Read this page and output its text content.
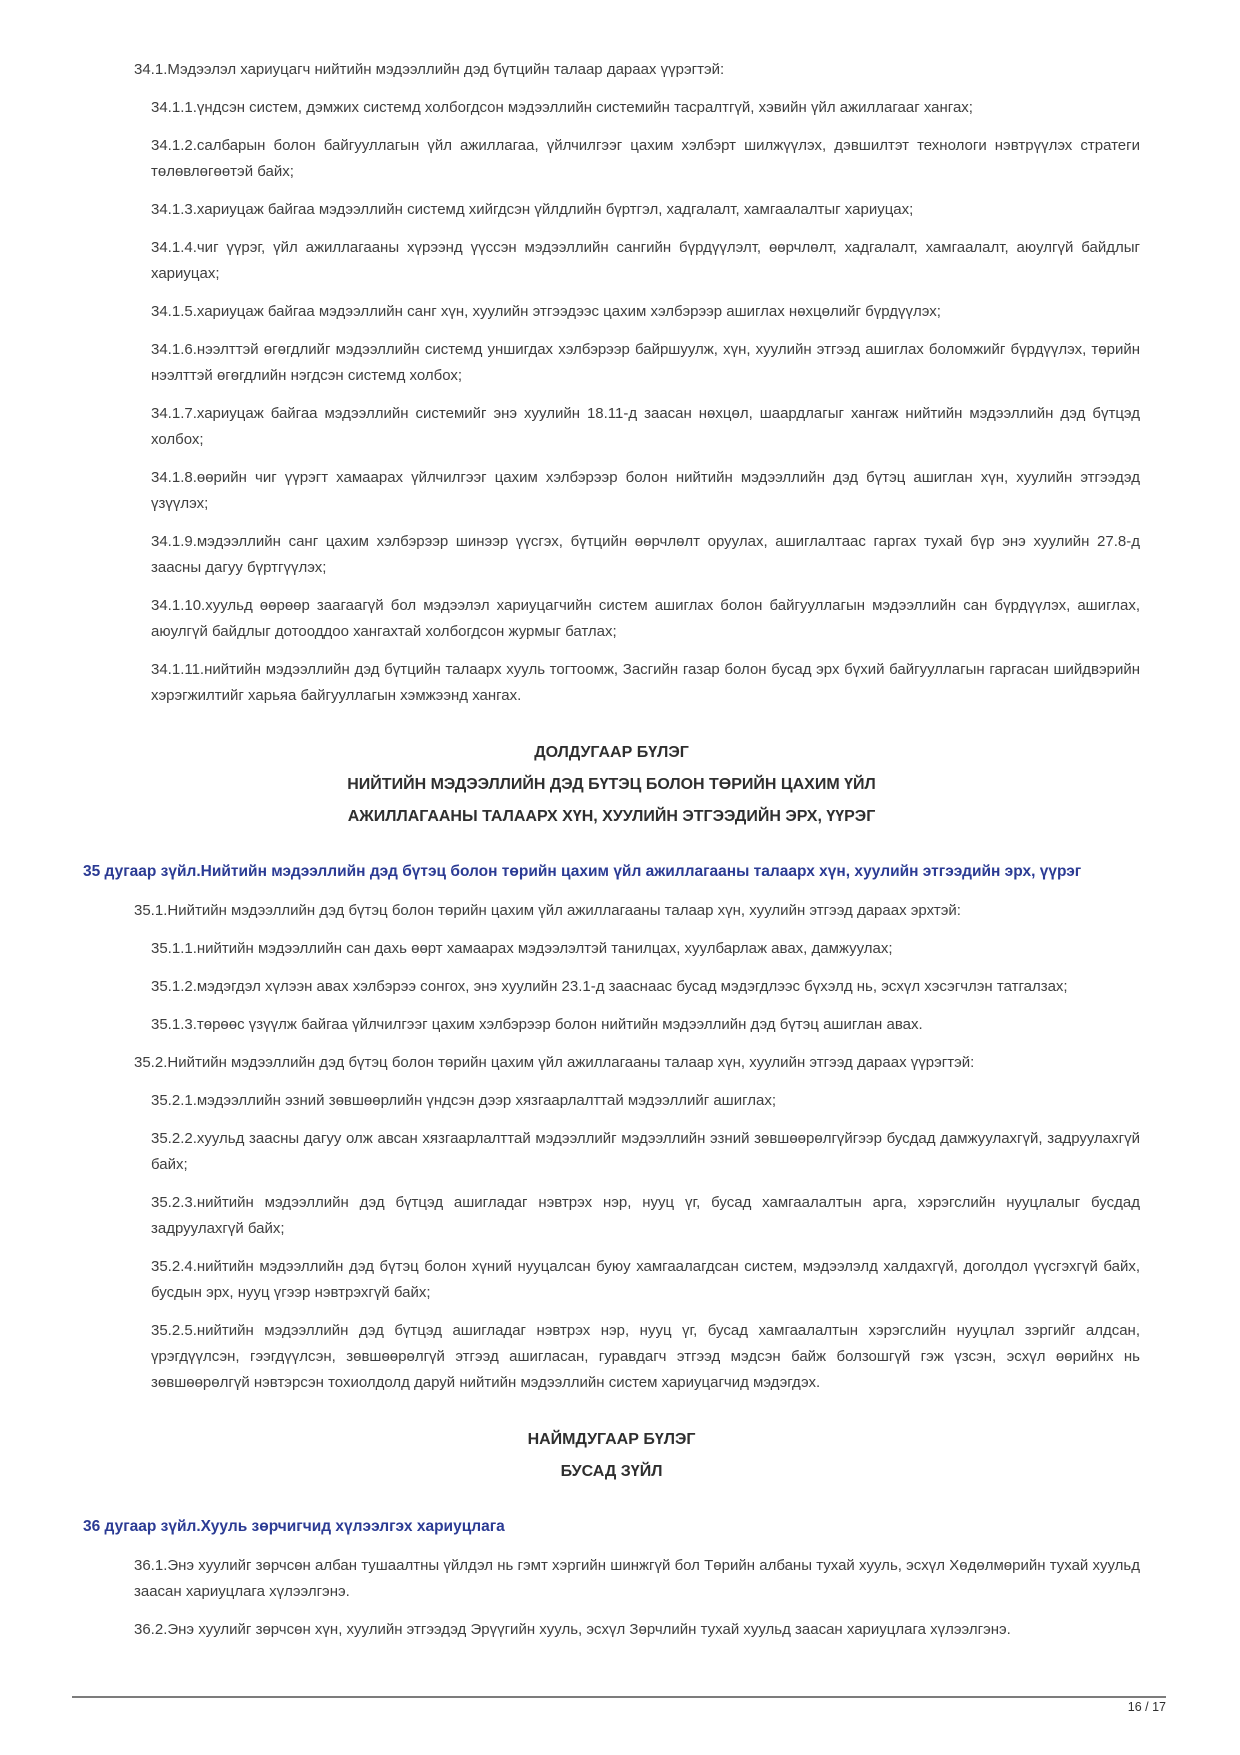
34.1.Мэдээлэл хариуцагч нийтийн мэдээллийн дэд бүтцийн талаар дараах үүрэгтэй:

34.1.1.үндсэн систем, дэмжих системд холбогдсон мэдээллийн системийн тасралтгүй, хэвийн үйл ажиллагааг хангах;

34.1.2.салбарын болон байгууллагын үйл ажиллагаа, үйлчилгээг цахим хэлбэрт шилжүүлэх, дэвшилтэт технологи нэвтрүүлэх стратеги төлөвлөгөөтэй байх;

34.1.3.хариуцаж байгаа мэдээллийн системд хийгдсэн үйлдлийн бүртгэл, хадгалалт, хамгаалалтыг хариуцах;

34.1.4.чиг үүрэг, үйл ажиллагааны хүрээнд үүссэн мэдээллийн сангийн бүрдүүлэлт, өөрчлөлт, хадгалалт, хамгаалалт, аюулгүй байдлыг хариуцах;

34.1.5.хариуцаж байгаа мэдээллийн санг хүн, хуулийн этгээдээс цахим хэлбэрээр ашиглах нөхцөлийг бүрдүүлэх;

34.1.6.нээлттэй өгөгдлийг мэдээллийн системд уншигдах хэлбэрээр байршуулж, хүн, хуулийн этгээд ашиглах боломжийг бүрдүүлэх, төрийн нээлттэй өгөгдлийн нэгдсэн системд холбох;

34.1.7.хариуцаж байгаа мэдээллийн системийг энэ хуулийн 18.11-д заасан нөхцөл, шаардлагыг хангаж нийтийн мэдээллийн дэд бүтцэд холбох;

34.1.8.өөрийн чиг үүрэгт хамаарах үйлчилгээг цахим хэлбэрээр болон нийтийн мэдээллийн дэд бүтэц ашиглан хүн, хуулийн этгээдэд үзүүлэх;

34.1.9.мэдээллийн санг цахим хэлбэрээр шинээр үүсгэх, бүтцийн өөрчлөлт оруулах, ашиглалтаас гаргах тухай бүр энэ хуулийн 27.8-д заасны дагуу бүртгүүлэх;

34.1.10.хуульд өөрөөр заагаагүй бол мэдээлэл хариуцагчийн систем ашиглах болон байгууллагын мэдээллийн сан бүрдүүлэх, ашиглах, аюулгүй байдлыг дотооддоо хангахтай холбогдсон журмыг батлах;

34.1.11.нийтийн мэдээллийн дэд бүтцийн талаарх хууль тогтоомж, Засгийн газар болон бусад эрх бүхий байгууллагын гаргасан шийдвэрийн хэрэгжилтийг харьяа байгууллагын хэмжээнд хангах.

ДОЛДУГААР БҮЛЭГ
НИЙТИЙН МЭДЭЭЛЛИЙН ДЭД БҮТЭЦ БОЛОН ТӨРИЙН ЦАХИМ ҮЙЛ
АЖИЛЛАГААНЫ ТАЛААРХ ХҮН, ХУУЛИЙН ЭТГЭЭДИЙН ЭРХ, ҮҮРЭГ
35 дугаар зүйл.Нийтийн мэдээллийн дэд бүтэц болон төрийн цахим үйл ажиллагааны талаарх хүн, хуулийн этгээдийн эрх, үүрэг

35.1.Нийтийн мэдээллийн дэд бүтэц болон төрийн цахим үйл ажиллагааны талаар хүн, хуулийн этгээд дараах эрхтэй:

35.1.1.нийтийн мэдээллийн сан дахь өөрт хамаарах мэдээлэлтэй танилцах, хуулбарлаж авах, дамжуулах;

35.1.2.мэдэгдэл хүлээн авах хэлбэрээ сонгох, энэ хуулийн 23.1-д зааснаас бусад мэдэгдлээс бүхэлд нь, эсхүл хэсэгчлэн татгалзах;

35.1.3.төрөөс үзүүлж байгаа үйлчилгээг цахим хэлбэрээр болон нийтийн мэдээллийн дэд бүтэц ашиглан авах.

35.2.Нийтийн мэдээллийн дэд бүтэц болон төрийн цахим үйл ажиллагааны талаар хүн, хуулийн этгээд дараах үүрэгтэй:

35.2.1.мэдээллийн эзний зөвшөөрлийн үндсэн дээр хязгаарлалттай мэдээллийг ашиглах;

35.2.2.хуульд заасны дагуу олж авсан хязгаарлалттай мэдээллийг мэдээллийн эзний зөвшөөрөлгүйгээр бусдад дамжуулахгүй, задруулахгүй байх;

35.2.3.нийтийн мэдээллийн дэд бүтцэд ашигладаг нэвтрэх нэр, нууц үг, бусад хамгаалалтын арга, хэрэгслийн нууцлалыг бусдад задруулахгүй байх;

35.2.4.нийтийн мэдээллийн дэд бүтэц болон хүний нууцалсан буюу хамгаалагдсан систем, мэдээлэлд халдахгүй, доголдол үүсгэхгүй байх, бусдын эрх, нууц үгээр нэвтрэхгүй байх;

35.2.5.нийтийн мэдээллийн дэд бүтцэд ашигладаг нэвтрэх нэр, нууц үг, бусад хамгаалалтын хэрэгслийн нууцлал зэргийг алдсан, үрэгдүүлсэн, гээгдүүлсэн, зөвшөөрөлгүй этгээд ашигласан, гуравдагч этгээд мэдсэн байж болзошгүй гэж үзсэн, эсхүл өөрийнх нь зөвшөөрөлгүй нэвтэрсэн тохиолдолд даруй нийтийн мэдээллийн систем хариуцагчид мэдэгдэх.

НАЙМДУГААР БҮЛЭГ
БУСАД ЗҮЙЛ
36 дугаар зүйл.Хууль зөрчигчид хүлээлгэх хариуцлага

36.1.Энэ хуулийг зөрчсөн албан тушаалтны үйлдэл нь гэмт хэргийн шинжгүй бол Төрийн албаны тухай хууль, эсхүл Хөдөлмөрийн тухай хуульд заасан хариуцлага хүлээлгэнэ.

36.2.Энэ хуулийг зөрчсөн хүн, хуулийн этгээдэд Эрүүгийн хууль, эсхүл Зөрчлийн тухай хуульд заасан хариуцлага хүлээлгэнэ.

16 / 17
